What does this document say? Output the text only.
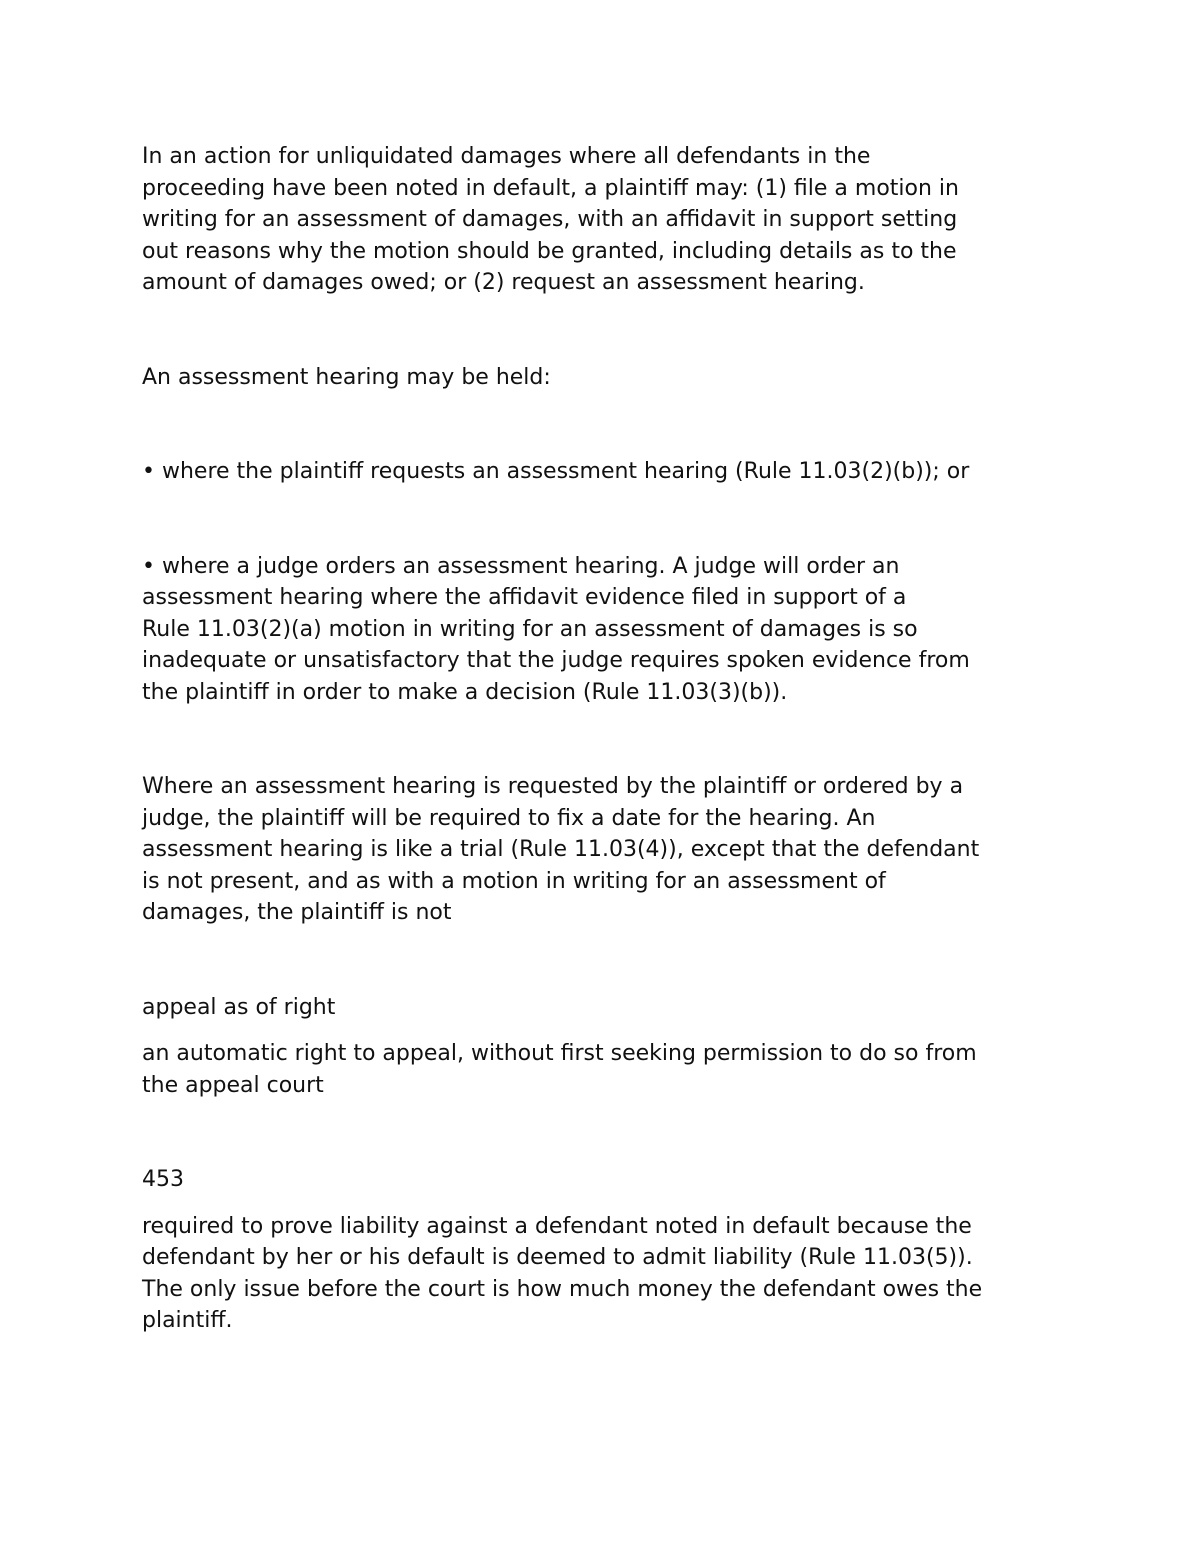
In an action for unliquidated damages where all defendants in the
proceeding have been noted in default, a plaintiff may: (1) file a motion in
writing for an assessment of damages, with an affidavit in support setting
out reasons why the motion should be granted, including details as to the
amount of damages owed; or (2) request an assessment hearing.

An assessment hearing may be held:

• where the plaintiff requests an assessment hearing (Rule 11.03(2)(b)); or

• where a judge orders an assessment hearing. A judge will order an
assessment hearing where the affidavit evidence filed in support of a
Rule 11.03(2)(a) motion in writing for an assessment of damages is so
inadequate or unsatisfactory that the judge requires spoken evidence from
the plaintiff in order to make a decision (Rule 11.03(3)(b)).

Where an assessment hearing is requested by the plaintiff or ordered by a
judge, the plaintiff will be required to fix a date for the hearing. An
assessment hearing is like a trial (Rule 11.03(4)), except that the defendant
is not present, and as with a motion in writing for an assessment of
damages, the plaintiff is not

appeal as of right

an automatic right to appeal, without first seeking permission to do so from
the appeal court

453

required to prove liability against a defendant noted in default because the
defendant by her or his default is deemed to admit liability (Rule 11.03(5)).
The only issue before the court is how much money the defendant owes the
plaintiff.
